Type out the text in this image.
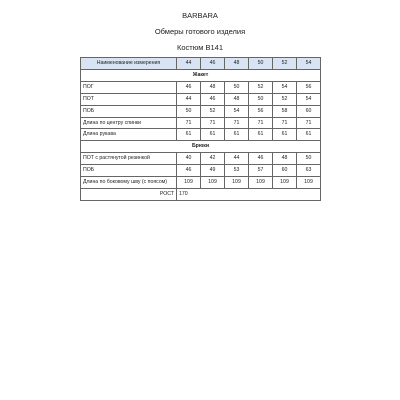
BARBARA
Обмеры готового изделия
Костюм В141
Наименование измерения	44	46	48	50	52	54
Жакет						
ПОГ	46	48	50	52	54	56
ПОТ	44	46	48	50	52	54
ПОБ	50	52	54	56	58	60
Длина по центру спинки	71	71	71	71	71	71
Длина рукава	61	61	61	61	61	61
Брюки						
ПОТ с растянутой резинкой	40	42	44	46	48	50
ПОБ	46	49	53	57	60	63
Длина по боковому шву (с поясом)	109	109	109	109	109	109
РОСТ	170					
